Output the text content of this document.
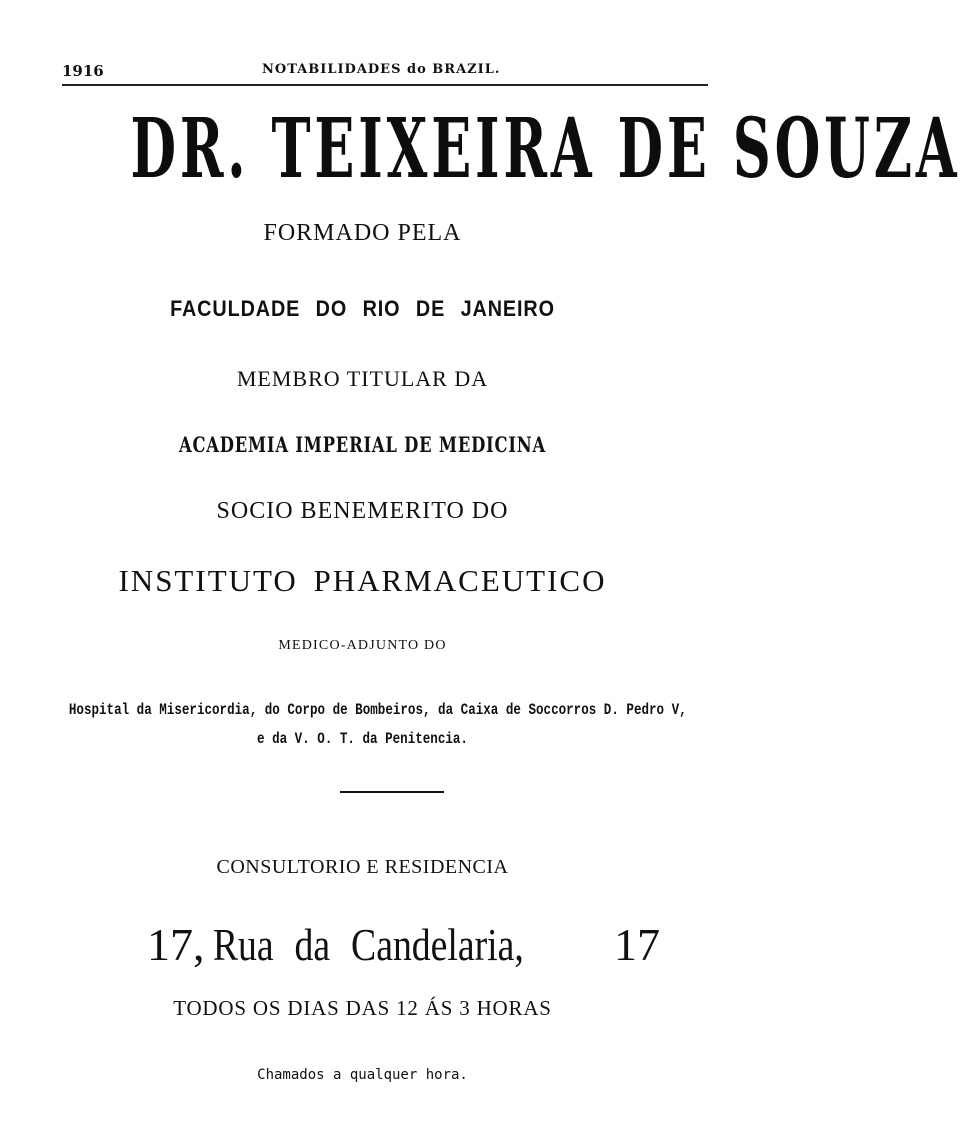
1916	NOTABILIDADES do BRAZIL.
DR. TEIXEIRA DE SOUZA
FORMADO PELA
FACULDADE DO RIO DE JANEIRO
MEMBRO TITULAR DA
ACADEMIA IMPERIAL DE MEDICINA
SOCIO BENEMERITO DO
INSTITUTO PHARMACEUTICO
MEDICO-ADJUNTO DO
Hospital da Misericordia, do Corpo de Bombeiros, da Caixa de Soccorros D. Pedro V,
e da V. O. T. da Penitencia.
CONSULTORIO E RESIDENCIA
17, Rua da Candelaria,	17
TODOS OS DIAS DAS 12 ÁS 3 HORAS
Chamados a qualquer hora.
